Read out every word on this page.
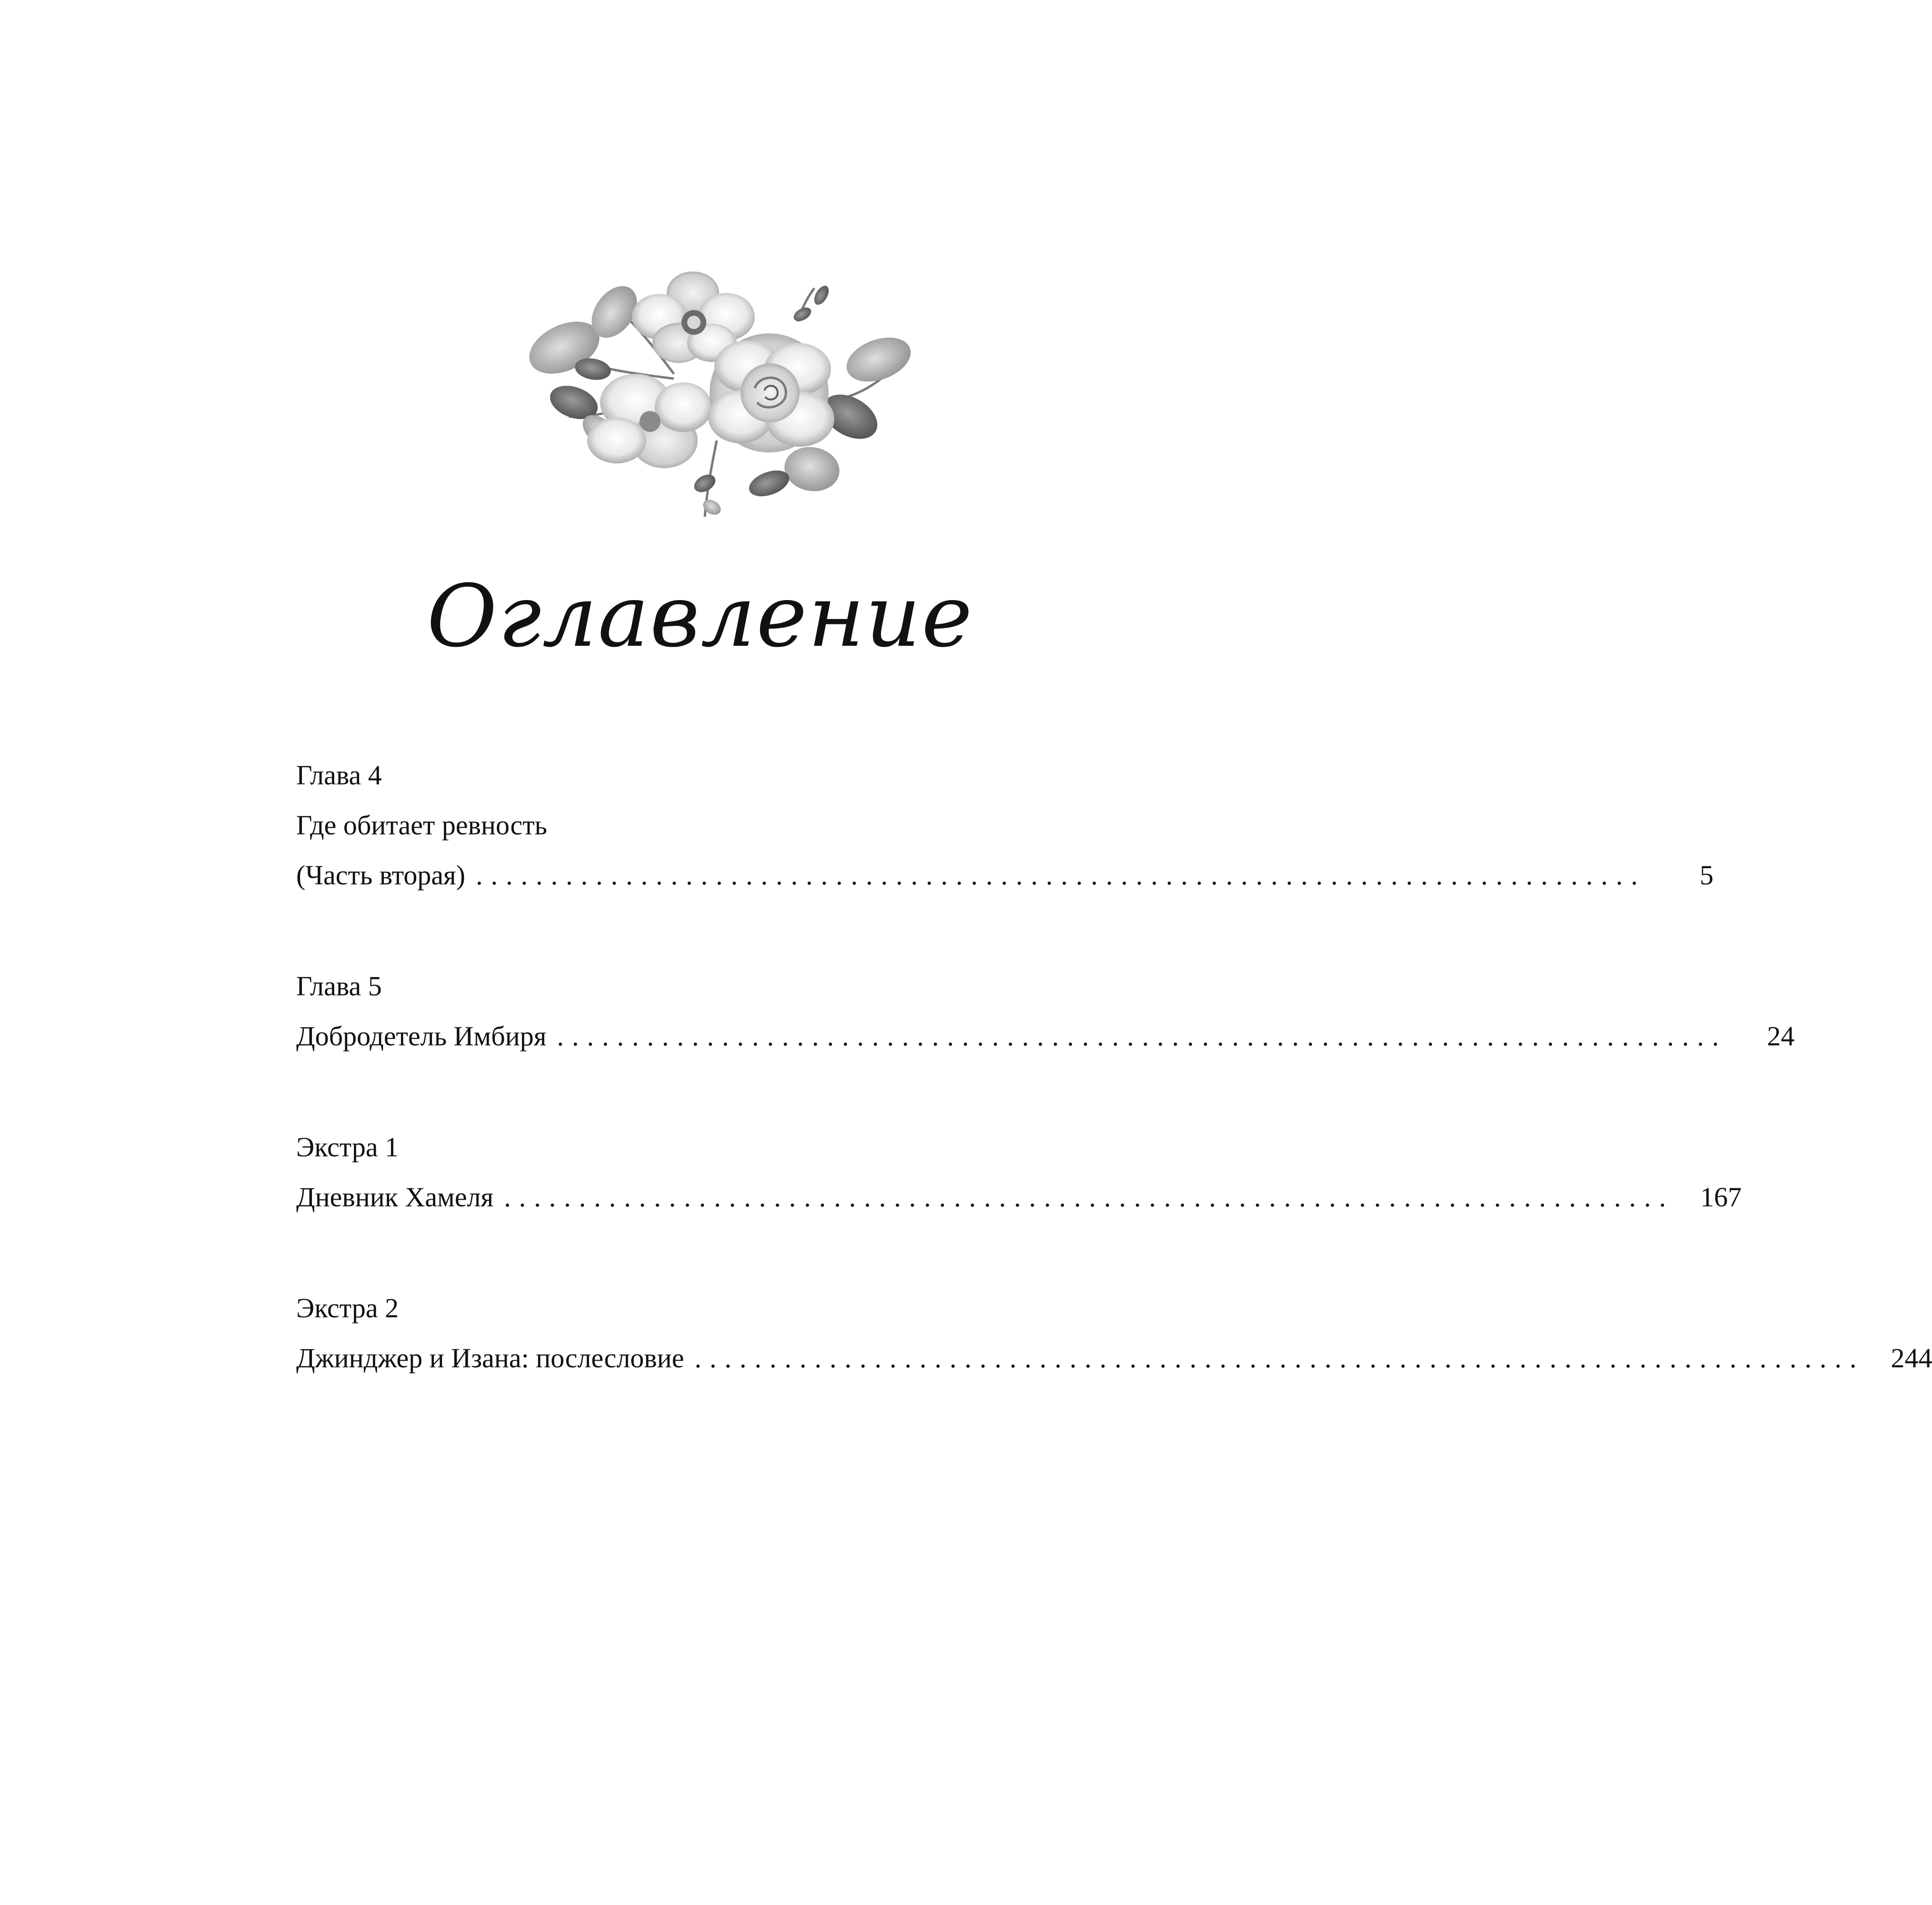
Оглавление
Глава 4
Где обитает ревность
(Часть вторая) ..............................................................................	5
Глава 5
Добродетель Имбиря ..............................................................................	24
Экстра 1
Дневник Хамеля .............................................................................. 167
Экстра 2
Джинджер и Изана: послесловие .............................................................................. 244
